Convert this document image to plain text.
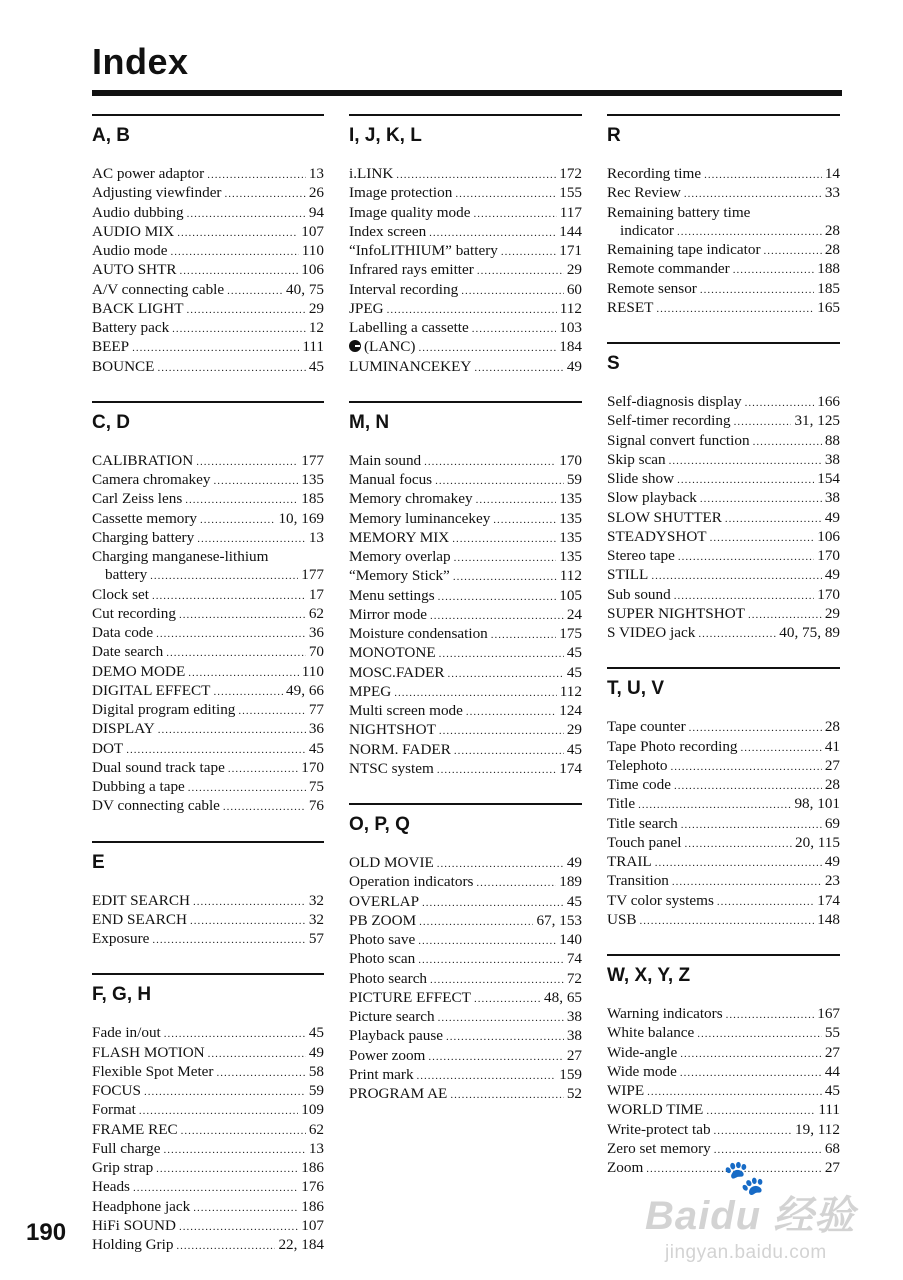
Index
A, B
AC power adaptor .....	13
Adjusting viewfinder .....	26
Audio dubbing .....	94
AUDIO MIX .....	107
Audio mode .....	110
AUTO SHTR .....	106
A/V connecting cable .....	40, 75
BACK LIGHT .....	29
Battery pack .....	12
BEEP .....	111
BOUNCE .....	45
C, D
CALIBRATION .....	177
Camera chromakey .....	135
Carl Zeiss lens .....	185
Cassette memory .....	10, 169
Charging battery .....	13
Charging manganese-lithium
battery .....	177
Clock set .....	17
Cut recording .....	62
Data code .....	36
Date search .....	70
DEMO MODE .....	110
DIGITAL EFFECT .....	49, 66
Digital program editing .....	77
DISPLAY .....	36
DOT .....	45
Dual sound track tape .....	170
Dubbing a tape .....	75
DV connecting cable .....	76
E
EDIT SEARCH .....	32
END SEARCH .....	32
Exposure .....	57
F, G, H
Fade in/out .....	45
FLASH MOTION .....	49
Flexible Spot Meter .....	58
FOCUS .....	59
Format .....	109
FRAME REC .....	62
Full charge .....	13
Grip strap .....	186
Heads .....	176
Headphone jack .....	186
HiFi SOUND .....	107
Holding Grip .....	22, 184
I, J, K, L
i.LINK .....	172
Image protection .....	155
Image quality mode .....	117
Index screen .....	144
“InfoLITHIUM” battery .....	171
Infrared rays emitter .....	29
Interval recording .....	60
JPEG .....	112
Labelling a cassette .....	103
(LANC) .....	184
LUMINANCEKEY .....	49
M, N
Main sound .....	170
Manual focus .....	59
Memory chromakey .....	135
Memory luminancekey .....	135
MEMORY MIX .....	135
Memory overlap .....	135
“Memory Stick” .....	112
Menu settings .....	105
Mirror mode .....	24
Moisture condensation .....	175
MONOTONE .....	45
MOSC.FADER .....	45
MPEG .....	112
Multi screen mode .....	124
NIGHTSHOT .....	29
NORM. FADER .....	45
NTSC system .....	174
O, P, Q
OLD MOVIE .....	49
Operation indicators .....	189
OVERLAP .....	45
PB ZOOM .....	67, 153
Photo save .....	140
Photo scan .....	74
Photo search .....	72
PICTURE EFFECT .....	48, 65
Picture search .....	38
Playback pause .....	38
Power zoom .....	27
Print mark .....	159
PROGRAM AE .....	52
R
Recording time .....	14
Rec Review .....	33
Remaining battery time
indicator .....	28
Remaining tape indicator .....	28
Remote commander .....	188
Remote sensor .....	185
RESET .....	165
S
Self-diagnosis display .....	166
Self-timer recording .....	31, 125
Signal convert function .....	88
Skip scan .....	38
Slide show .....	154
Slow playback .....	38
SLOW SHUTTER .....	49
STEADYSHOT .....	106
Stereo tape .....	170
STILL .....	49
Sub sound .....	170
SUPER NIGHTSHOT .....	29
S VIDEO jack .....	40, 75, 89
T, U, V
Tape counter .....	28
Tape Photo recording .....	41
Telephoto .....	27
Time code .....	28
Title .....	98, 101
Title search .....	69
Touch panel .....	20, 115
TRAIL .....	49
Transition .....	23
TV color systems .....	174
USB .....	148
W, X, Y, Z
Warning indicators .....	167
White balance .....	55
Wide-angle .....	27
Wide mode .....	44
WIPE .....	45
WORLD TIME .....	111
Write-protect tab .....	19, 112
Zero set memory .....	68
Zoom .....	27
190
🐾
Baidu 经验
jingyan.baidu.com
